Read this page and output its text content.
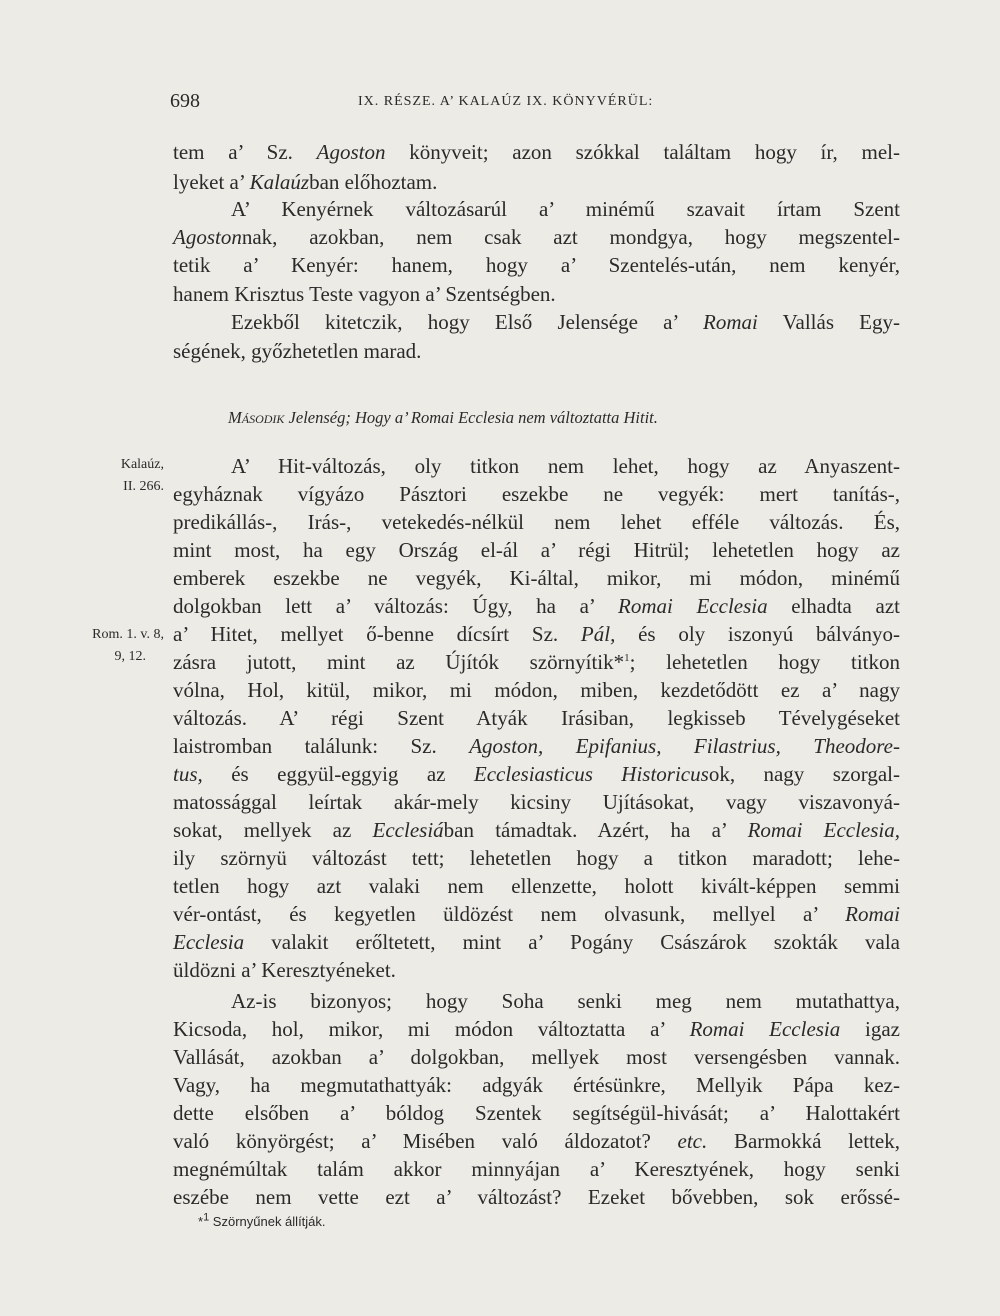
698	IX. RÉSZE. A’ KALAÚZ IX. KÖNYVÉRÜL:
Kalaúz,
II. 266.
Rom. 1. v. 8,
9, 12.
tem a’ Sz. Agoston könyveit; azon szókkal találtam hogy ír, mel-
lyeket a’ Kalaúzban előhoztam.
A’ Kenyérnek változásarúl a’ minémű szavait írtam Szent
Agostonnak, azokban, nem csak azt mondgya, hogy megszentel-
tetik a’ Kenyér: hanem, hogy a’ Szentelés-után, nem kenyér,
hanem Krisztus Teste vagyon a’ Szentségben.
Ezekből kitetczik, hogy Első Jelensége a’ Romai Vallás Egy-
ségének, győzhetetlen marad.
Második Jelenség; Hogy a’ Romai Ecclesia nem változtatta Hitit.
A’ Hit-változás, oly titkon nem lehet, hogy az Anyaszent-
egyháznak vígyázo Pásztori eszekbe ne vegyék: mert tanítás-,
predikállás-, Irás-, vetekedés-nélkül nem lehet efféle változás. És,
mint most, ha egy Ország el-ál a’ régi Hitrül; lehetetlen hogy az
emberek eszekbe ne vegyék, Ki-által, mikor, mi módon, minémű
dolgokban lett a’ változás: Úgy, ha a’ Romai Ecclesia elhadta azt
a’ Hitet, mellyet ő-benne dícsírt Sz. Pál, és oly iszonyú bálványo-
zásra jutott, mint az Újítók szörnyítik*$^1$; lehetetlen hogy titkon
vólna, Hol, kitül, mikor, mi módon, miben, kezdetődött ez a’ nagy
változás. A’ régi Szent Atyák Irásiban, legkisseb Tévelygéseket
laistromban találunk: Sz. Agoston, Epifanius, Filastrius, Theodore-
tus, és eggyül-eggyig az Ecclesiasticus Historicusok, nagy szorgal-
matossággal leírtak akár-mely kicsiny Ujításokat, vagy viszavonyá-
sokat, mellyek az Ecclesiában támadtak. Azért, ha a’ Romai Ecclesia,
ily szörnyü változást tett; lehetetlen hogy a titkon maradott; lehe-
tetlen hogy azt valaki nem ellenzette, holott kivált-képpen semmi
vér-ontást, és kegyetlen üldözést nem olvasunk, mellyel a’ Romai
Ecclesia valakit erőltetett, mint a’ Pogány Császárok szokták vala
üldözni a’ Keresztyéneket.
Az-is bizonyos; hogy Soha senki meg nem mutathattya,
Kicsoda, hol, mikor, mi módon változtatta a’ Romai Ecclesia igaz
Vallását, azokban a’ dolgokban, mellyek most versengésben vannak.
Vagy, ha megmutathattyák: adgyák értésünkre, Mellyik Pápa kez-
dette elsőben a’ bóldog Szentek segítségül-hivását; a’ Halottakért
való könyörgést; a’ Misében való áldozatot? etc. Barmokká lettek,
megnémúltak talám akkor minnyájan a’ Keresztyének, hogy senki
eszébe nem vette ezt a’ változást? Ezeket bővebben, sok erőssé-
*$^1$ Szörnyűnek állítják.
